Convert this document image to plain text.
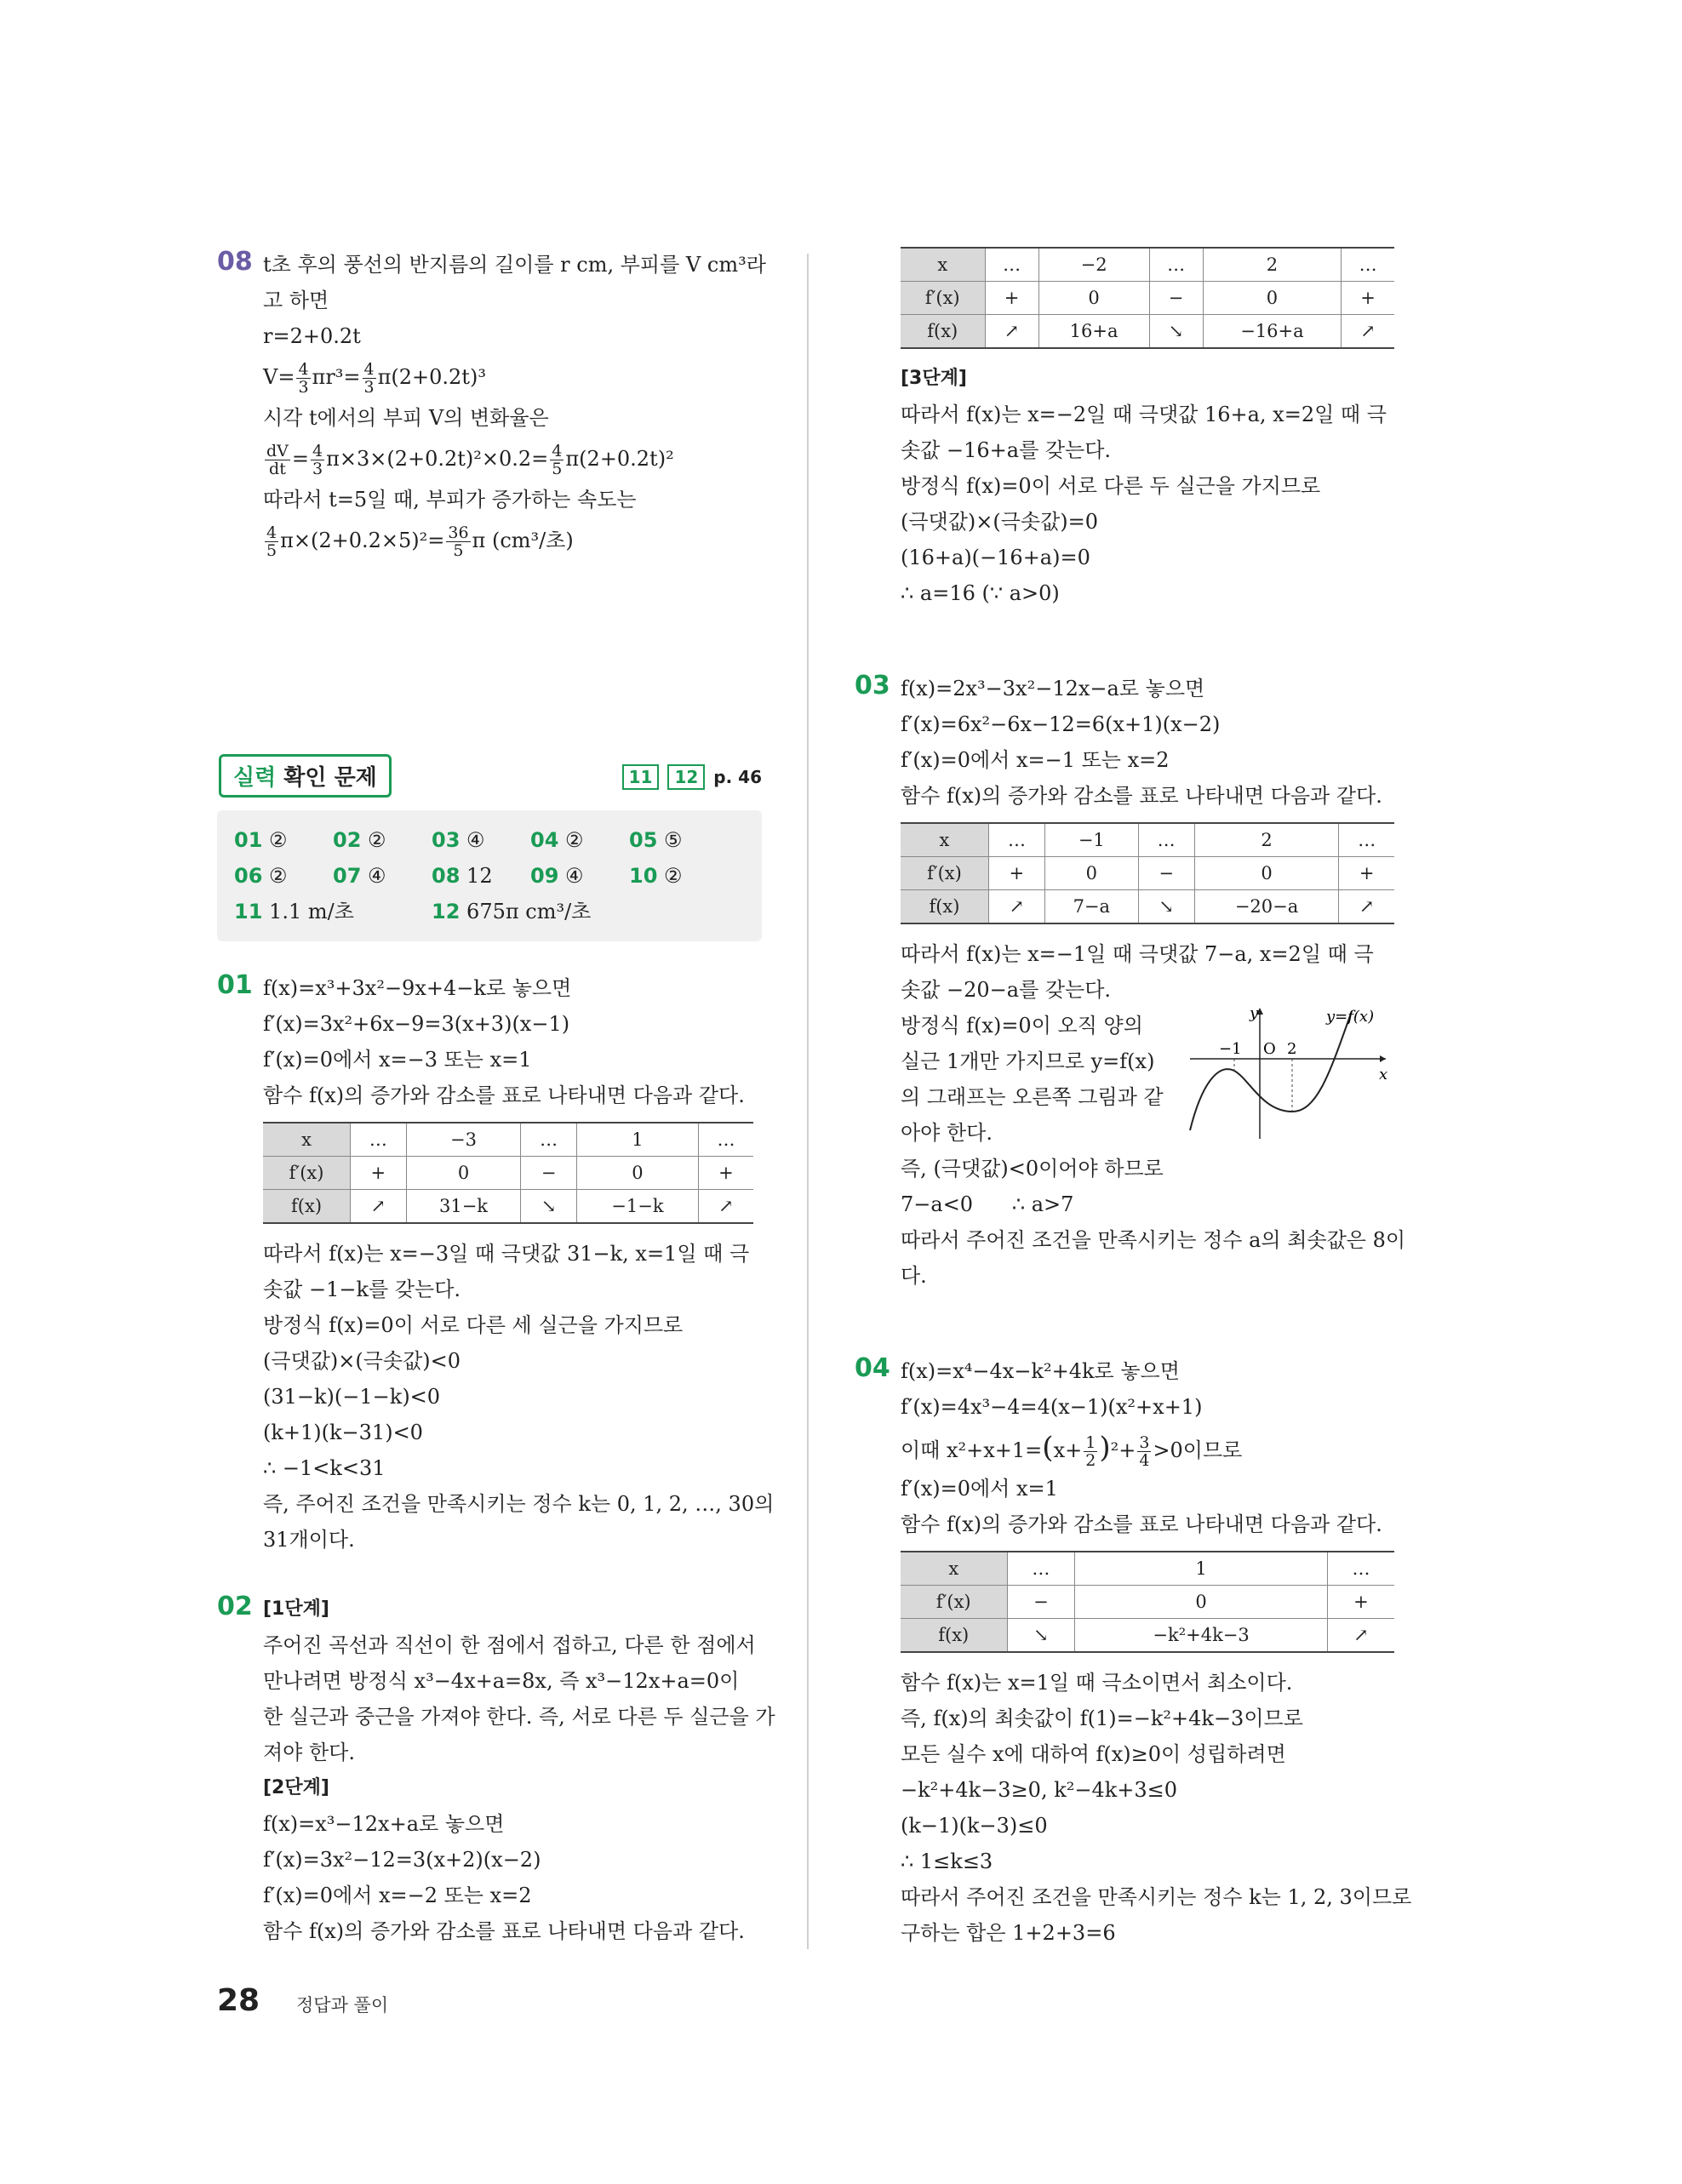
08 t초 후의 풍선의 반지름의 길이를 r cm, 부피를 V cm³라
고 하면
r=2+0.2t
$V= \frac{4}{3} \pi r^3= \frac{4}{3} \pi(2+0.2t)^3$
시각 t에서의 부피 V의 변화율은
$\frac{dV}{dt} = \frac{4}{3} \pi\times 3\times(2+0.2t)^2\times 0.2= \frac{4}{5} \pi(2+0.2t)^2$
따라서 t=5일 때, 부피가 증가하는 속도는
$\frac{4}{5} \pi\times(2+0.2\times 5)^2= \frac{36}{5}$ π (cm³/초)
실력 확인 문제	11	12 p. 46
01 ②	02 ②	03 ④	04 ②	05 ⑤
06 ②	07 ④	08 12	09 ④	10 ②
11 1.1 m/초	12 675π cm³/초
01 f(x)=x³+3x²−9x+4−k로 놓으면
f′(x)=3x²+6x−9=3(x+3)(x−1)
f′(x)=0에서 x=−3 또는 x=1
함수 f(x)의 증가와 감소를 표로 나타내면 다음과 같다.
x	…	−3	…	1	…
f′(x)	+	0	−	0	+
f(x)	↗	31−k	↘	−1−k	↗
따라서 f(x)는 x=−3일 때 극댓값 31−k, x=1일 때 극
솟값 −1−k를 갖는다.
방정식 f(x)=0이 서로 다른 세 실근을 가지므로
(극댓값)×(극솟값)<0
(31−k)(−1−k)<0
(k+1)(k−31)<0
∴ −1<k<31
즉, 주어진 조건을 만족시키는 정수 k는 0, 1, 2, …, 30의
31개이다.
02 [1단계]
주어진 곡선과 직선이 한 점에서 접하고, 다른 한 점에서
만나려면 방정식 x³−4x+a=8x, 즉 x³−12x+a=0이
한 실근과 중근을 가져야 한다. 즉, 서로 다른 두 실근을 가
져야 한다.
[2단계]
f(x)=x³−12x+a로 놓으면
f′(x)=3x²−12=3(x+2)(x−2)
f′(x)=0에서 x=−2 또는 x=2
함수 f(x)의 증가와 감소를 표로 나타내면 다음과 같다.
x	…	−2	…	2	…
f′(x)	+	0	−	0	+
f(x)	↗	16+a	↘	−16+a	↗
[3단계]
따라서 f(x)는 x=−2일 때 극댓값 16+a, x=2일 때 극
솟값 −16+a를 갖는다.
방정식 f(x)=0이 서로 다른 두 실근을 가지므로
(극댓값)×(극솟값)=0
(16+a)(−16+a)=0
∴ a=16 (∵ a>0)
03 f(x)=2x³−3x²−12x−a로 놓으면
f′(x)=6x²−6x−12=6(x+1)(x−2)
f′(x)=0에서 x=−1 또는 x=2
함수 f(x)의 증가와 감소를 표로 나타내면 다음과 같다.
x	…	−1	…	2	…
f′(x)	+	0	−	0	+
f(x)	↗	7−a	↘	−20−a	↗
따라서 f(x)는 x=−1일 때 극댓값 7−a, x=2일 때 극
솟값 −20−a를 갖는다.
방정식 f(x)=0이 오직 양의
실근 1개만 가지므로 y=f(x)
의 그래프는 오른쪽 그림과 같
아야 한다.
y
x
y=f(x)
−1 O 2
즉, (극댓값)<0이어야 하므로
7−a<0      ∴ a>7
따라서 주어진 조건을 만족시키는 정수 a의 최솟값은 8이
다.
04 f(x)=x⁴−4x−k²+4k로 놓으면
f′(x)=4x³−4=4(x−1)(x²+x+1)
이때 $x^2+x+1=(x+ \frac{1}{2} )^2+ \frac{3}{4} >0$이므로
f′(x)=0에서 x=1
함수 f(x)의 증가와 감소를 표로 나타내면 다음과 같다.
x	…	1	…
f′(x)	−	0	+
f(x)	↘	−k²+4k−3	↗
함수 f(x)는 x=1일 때 극소이면서 최소이다.
즉, f(x)의 최솟값이 f(1)=−k²+4k−3이므로
모든 실수 x에 대하여 f(x)≥0이 성립하려면
−k²+4k−3≥0, k²−4k+3≤0
(k−1)(k−3)≤0
∴ 1≤k≤3
따라서 주어진 조건을 만족시키는 정수 k는 1, 2, 3이므로
구하는 합은 1+2+3=6
28 정답과 풀이
